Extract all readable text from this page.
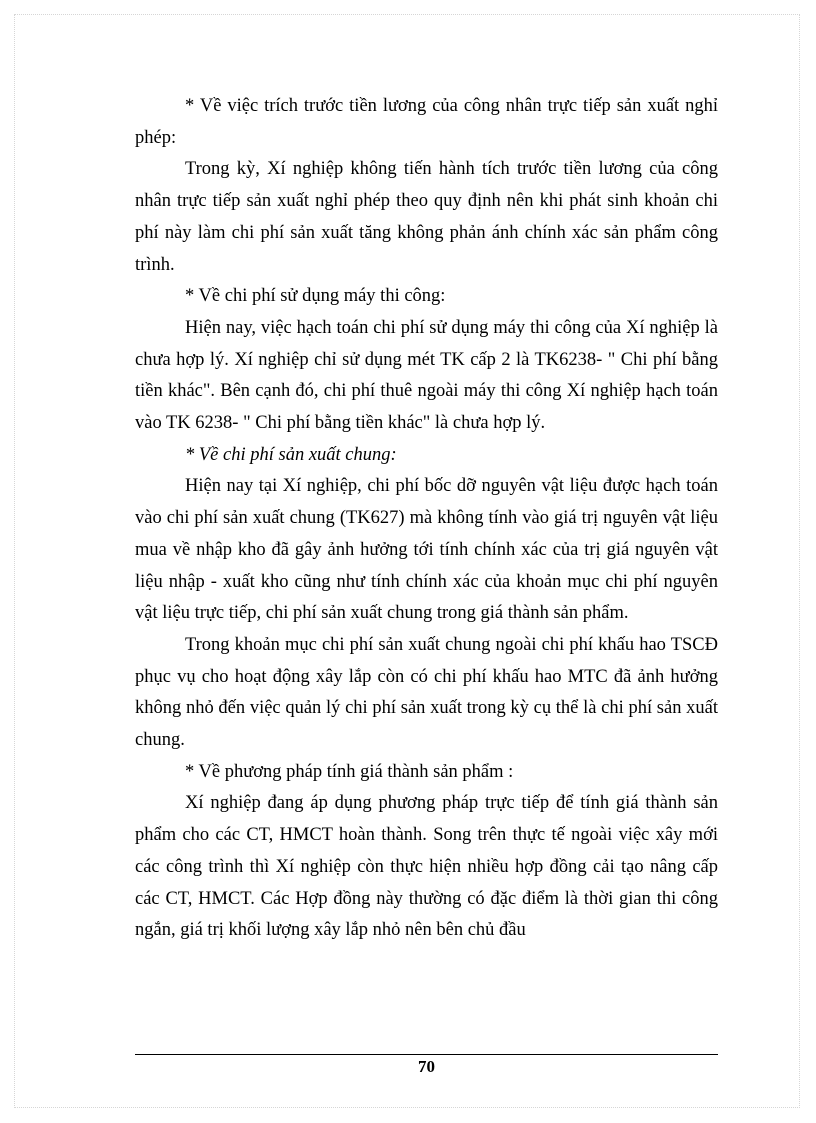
* Về việc trích trước tiền lương của công nhân trực tiếp sản xuất nghỉ phép:

Trong kỳ, Xí nghiệp không tiến hành tích trước tiền lương của công nhân trực tiếp sản xuất nghỉ phép theo quy định nên khi phát sinh khoản chi phí này làm chi phí sản xuất tăng không phản ánh chính xác sản phẩm công trình.

* Về chi phí sử dụng máy thi công:

Hiện nay, việc hạch toán chi phí sử dụng máy thi công của Xí nghiệp là chưa hợp lý. Xí nghiệp chỉ sử dụng mét TK cấp 2 là TK6238- " Chi phí bằng tiền khác". Bên cạnh đó, chi phí thuê ngoài máy thi công Xí nghiệp hạch toán vào TK 6238- " Chi phí bằng tiền khác" là chưa hợp lý.

* Về chi phí sản xuất chung:

Hiện nay tại Xí nghiệp, chi phí bốc dỡ nguyên vật liệu được hạch toán vào chi phí sản xuất chung (TK627) mà không tính vào giá trị nguyên vật liệu mua về nhập kho đã gây ảnh hưởng tới tính chính xác của trị giá nguyên vật liệu nhập - xuất kho cũng như tính chính xác của khoản mục chi phí nguyên vật liệu trực tiếp, chi phí sản xuất chung trong giá thành sản phẩm.

Trong khoản mục chi phí sản xuất chung ngoài chi phí khấu hao TSCĐ phục vụ cho hoạt động xây lắp còn có chi phí khấu hao MTC đã ảnh hưởng không nhỏ đến việc quản lý chi phí sản xuất trong kỳ cụ thể là chi phí sản xuất chung.

* Về phương pháp tính giá thành sản phẩm :

Xí nghiệp đang áp dụng phương pháp trực tiếp để tính giá thành sản phẩm cho các CT, HMCT hoàn thành. Song trên thực tế ngoài việc xây mới các công trình thì Xí nghiệp còn thực hiện nhiều hợp đồng cải tạo nâng cấp các CT, HMCT. Các Hợp đồng này thường có đặc điểm là thời gian thi công ngắn, giá trị khối lượng xây lắp nhỏ nên bên chủ đầu

70
